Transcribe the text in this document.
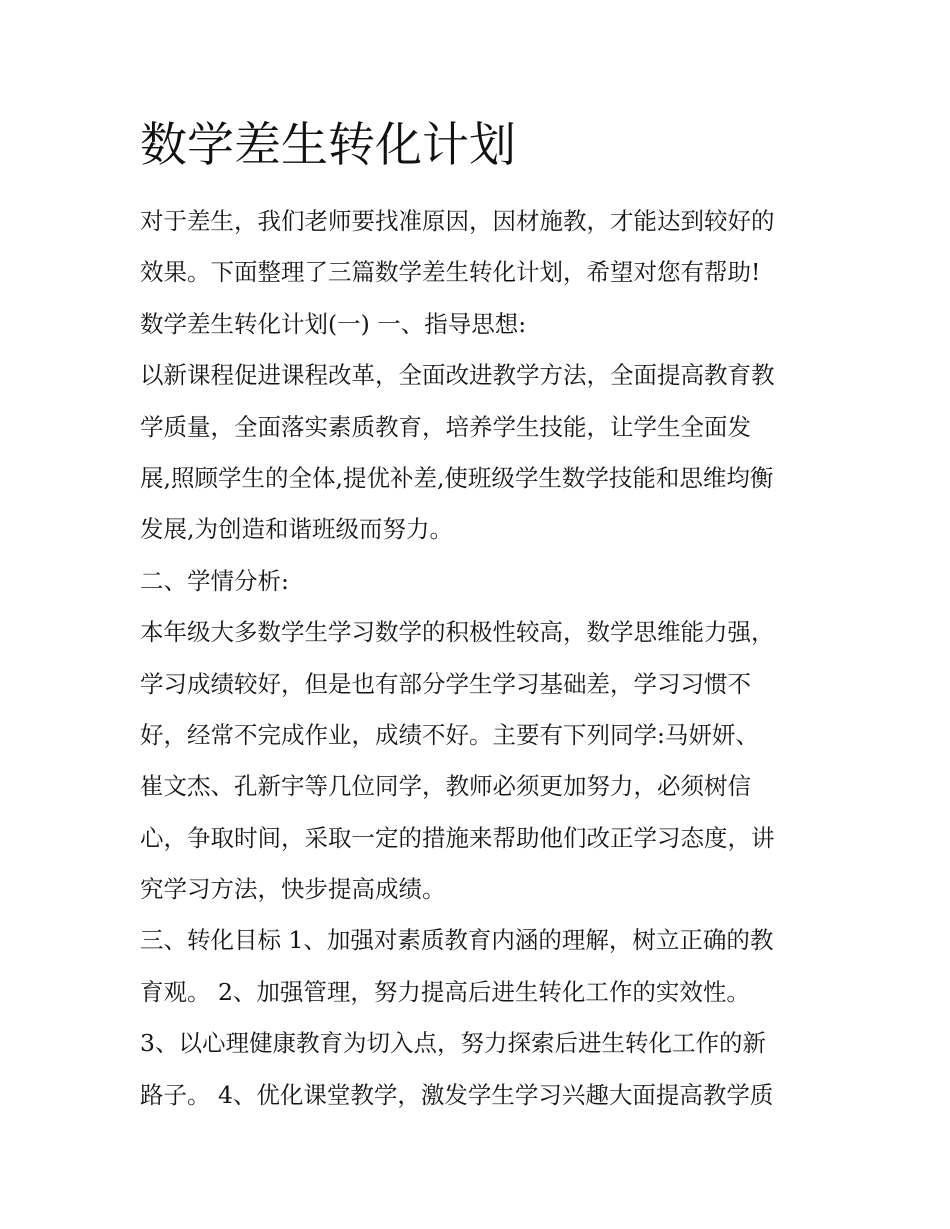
数学差生转化计划

对于差生，我们老师要找准原因，因材施教，才能达到较好的

效果。下面整理了三篇数学差生转化计划，希望对您有帮助!

数学差生转化计划(一) 一、指导思想:

以新课程促进课程改革，全面改进教学方法，全面提高教育教

学质量，全面落实素质教育，培养学生技能，让学生全面发

展,照顾学生的全体,提优补差,使班级学生数学技能和思维均衡

发展,为创造和谐班级而努力。

二、学情分析:

本年级大多数学生学习数学的积极性较高，数学思维能力强，

学习成绩较好，但是也有部分学生学习基础差，学习习惯不

好，经常不完成作业，成绩不好。主要有下列同学:马妍妍、

崔文杰、孔新宇等几位同学，教师必须更加努力，必须树信

心，争取时间，采取一定的措施来帮助他们改正学习态度，讲

究学习方法，快步提高成绩。

三、转化目标 1、加强对素质教育内涵的理解，树立正确的教

育观。 2、加强管理，努力提高后进生转化工作的实效性。

3、以心理健康教育为切入点，努力探索后进生转化工作的新

路子。 4、优化课堂教学，激发学生学习兴趣大面提高教学质
